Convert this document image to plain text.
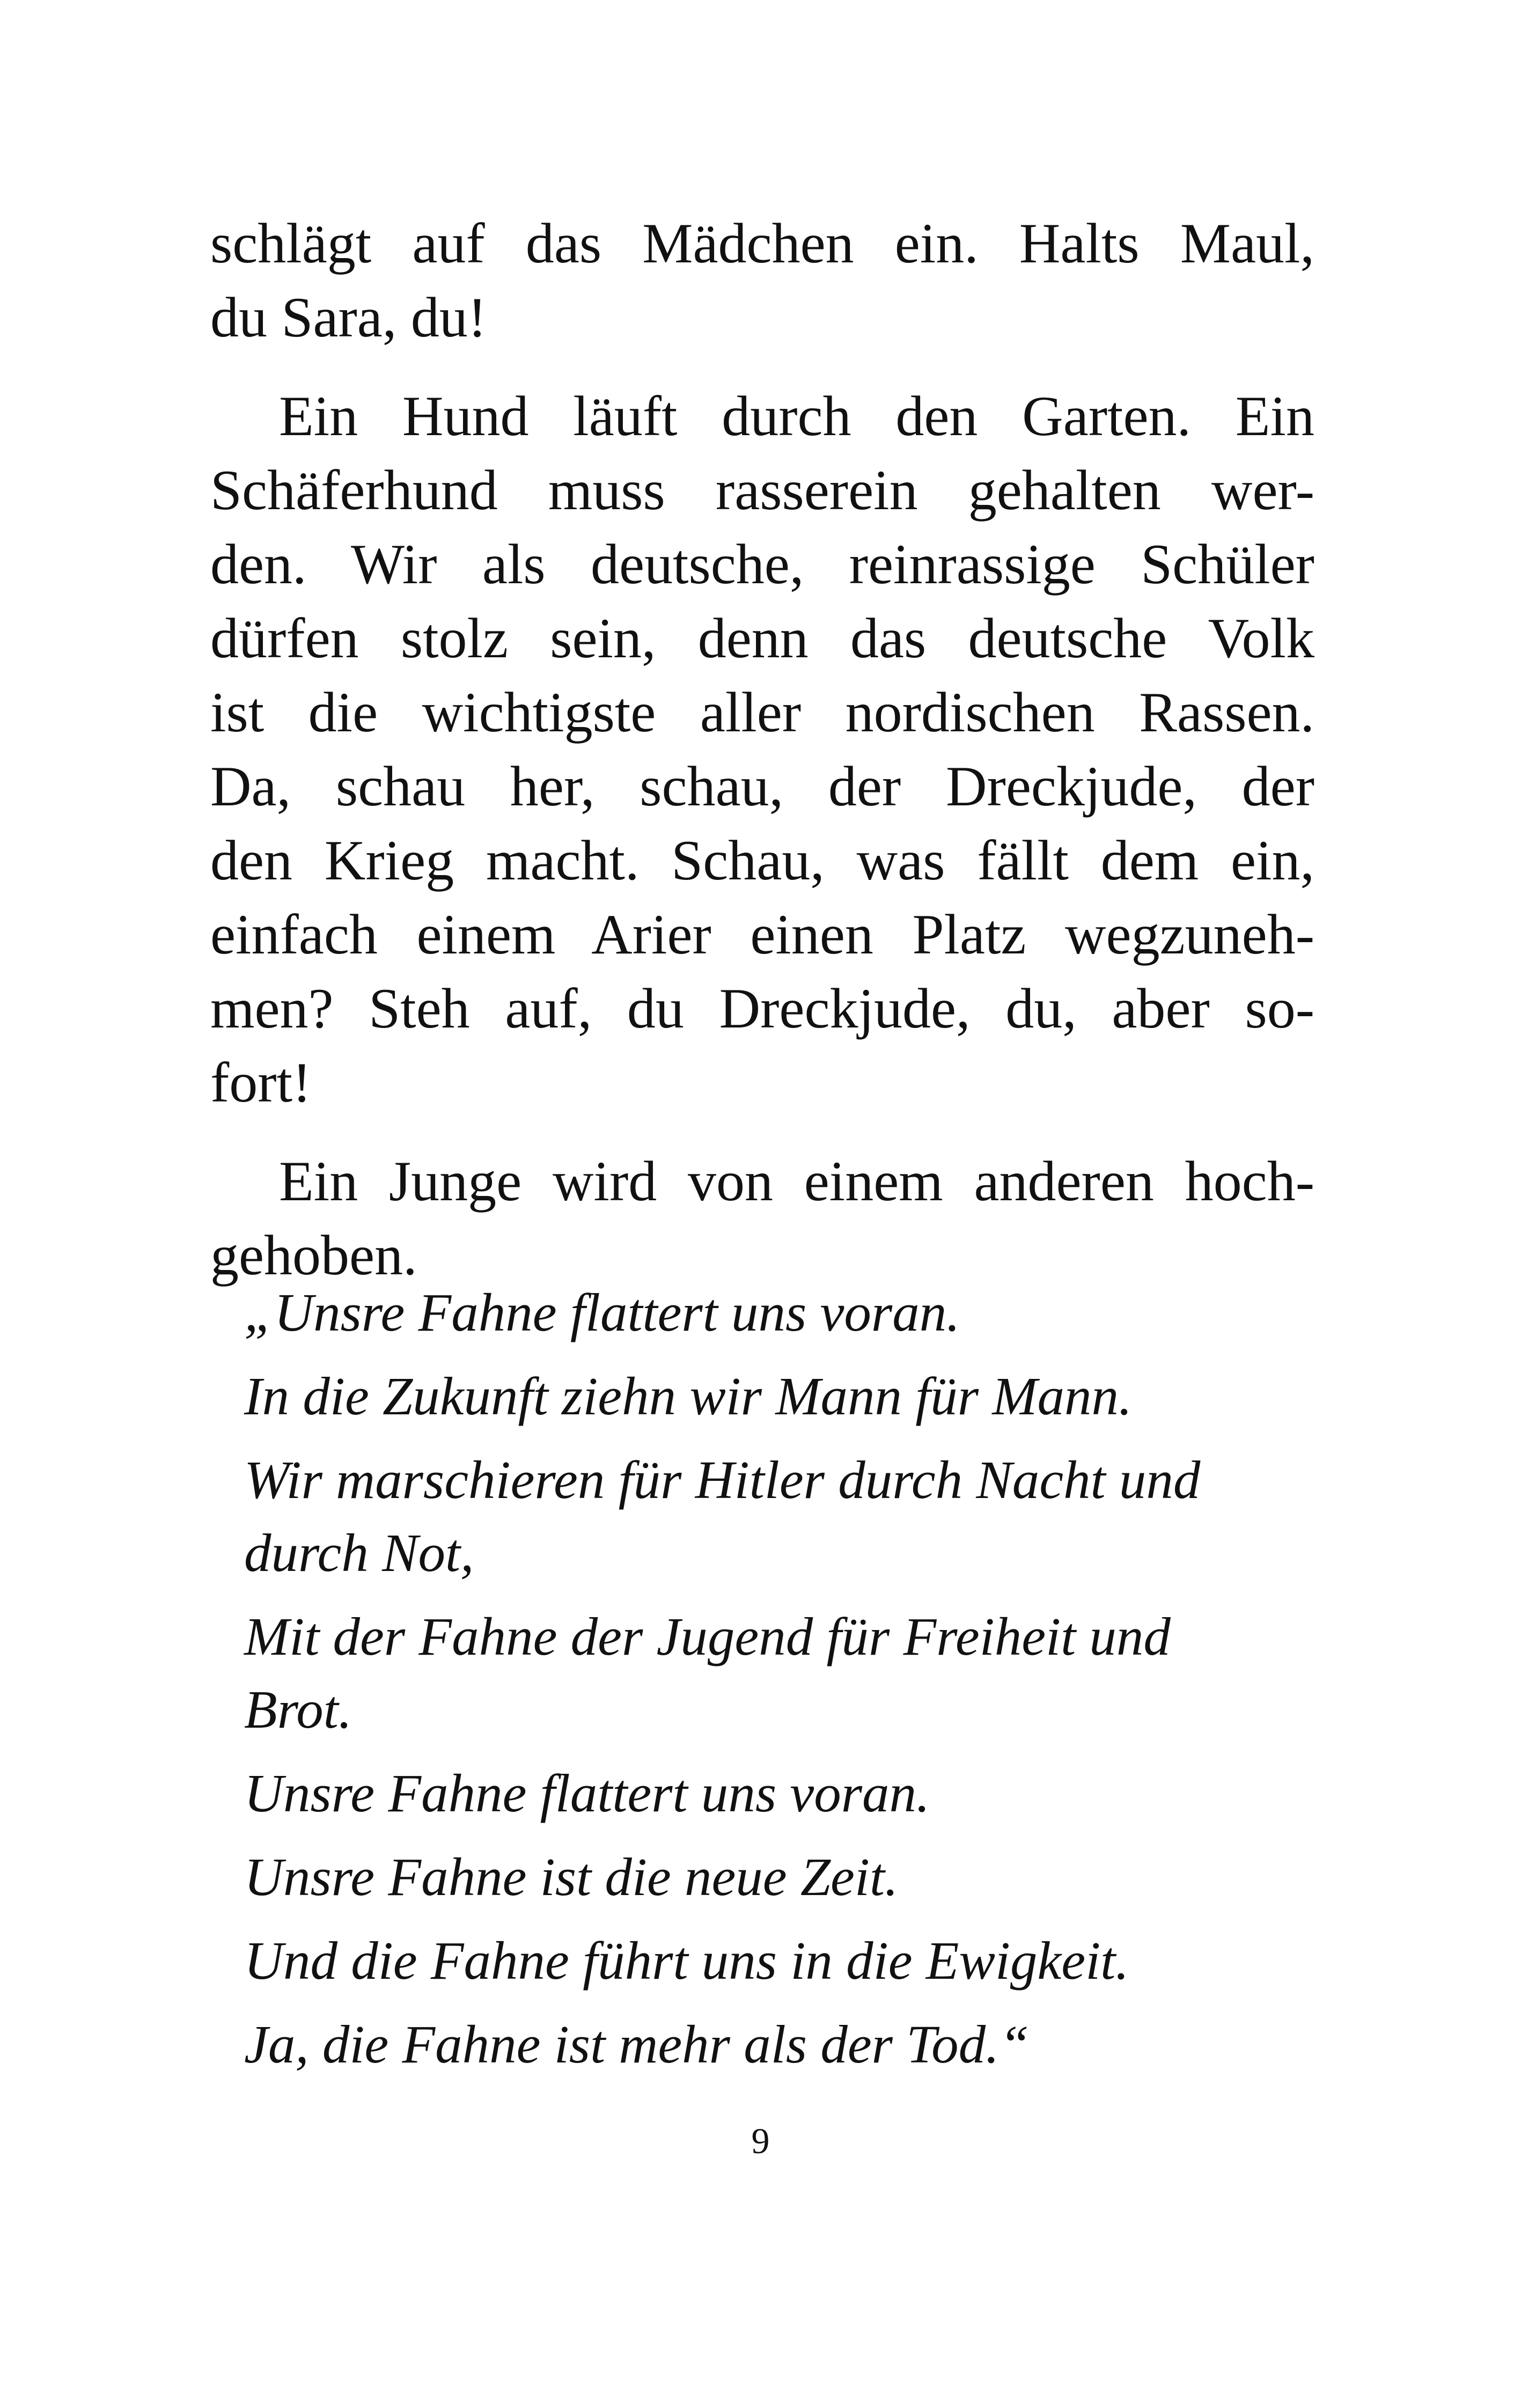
schlägt auf das Mädchen ein. Halts Maul,
du Sara, du!
Ein Hund läuft durch den Garten. Ein
Schäferhund muss rasserein gehalten wer-
den. Wir als deutsche, reinrassige Schüler
dürfen stolz sein, denn das deutsche Volk
ist die wichtigste aller nordischen Rassen.
Da, schau her, schau, der Dreckjude, der
den Krieg macht. Schau, was fällt dem ein,
einfach einem Arier einen Platz wegzuneh-
men? Steh auf, du Dreckjude, du, aber so-
fort!
Ein Junge wird von einem anderen hoch-
gehoben.
„Unsre Fahne flattert uns voran.
In die Zukunft ziehn wir Mann für Mann.
Wir marschieren für Hitler durch Nacht und
durch Not,
Mit der Fahne der Jugend für Freiheit und
Brot.
Unsre Fahne flattert uns voran.
Unsre Fahne ist die neue Zeit.
Und die Fahne führt uns in die Ewigkeit.
Ja, die Fahne ist mehr als der Tod.“
9
